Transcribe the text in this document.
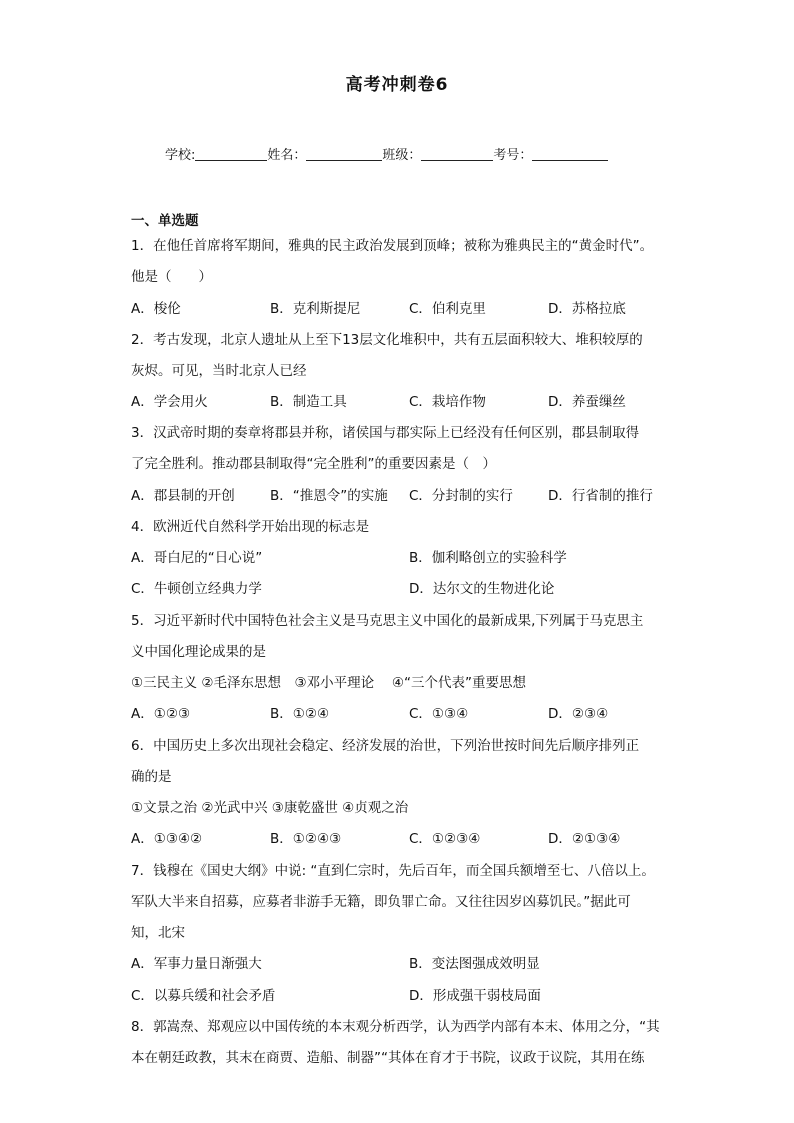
高考冲刺卷6
学校:	姓名：	班级：	考号：
一、单选题
1．在他任首席将军期间，雅典的民主政治发展到顶峰；被称为雅典民主的“黄金时代”。
他是（　　）
A．梭伦	B．克利斯提尼	C．伯利克里	D．苏格拉底
2．考古发现，北京人遗址从上至下13层文化堆积中，共有五层面积较大、堆积较厚的
灰烬。可见，当时北京人已经
A．学会用火	B．制造工具	C．栽培作物	D．养蚕缫丝
3．汉武帝时期的奏章将郡县并称，诸侯国与郡实际上已经没有任何区别，郡县制取得
了完全胜利。推动郡县制取得“完全胜利”的重要因素是（　）
A．郡县制的开创	B．“推恩令”的实施 C．分封制的实行	D．行省制的推行
4．欧洲近代自然科学开始出现的标志是
A．哥白尼的“日心说”	B．伽利略创立的实验科学
C．牛顿创立经典力学	D．达尔文的生物进化论
5．习近平新时代中国特色社会主义是马克思主义中国化的最新成果,下列属于马克思主
义中国化理论成果的是
①三民主义 ②毛泽东思想　③邓小平理论　 ④“三个代表”重要思想
A．①②③	B．①②④	C．①③④	D．②③④
6．中国历史上多次出现社会稳定、经济发展的治世，下列治世按时间先后顺序排列正
确的是
①文景之治 ②光武中兴 ③康乾盛世 ④贞观之治
A．①③④②	B．①②④③	C．①②③④	D．②①③④
7．钱穆在《国史大纲》中说: “直到仁宗时，先后百年，而全国兵额增至七、八倍以上。
军队大半来自招募，应募者非游手无籍，即负罪亡命。又往往因岁凶募饥民。”据此可
知，北宋
A．军事力量日渐强大	B．变法图强成效明显
C．以募兵缓和社会矛盾	D．形成强干弱枝局面
8．郭嵩焘、郑观应以中国传统的本末观分析西学，认为西学内部有本末、体用之分，“其
本在朝廷政教，其末在商贾、造船、制器”“其体在育才于书院，议政于议院，其用在练
